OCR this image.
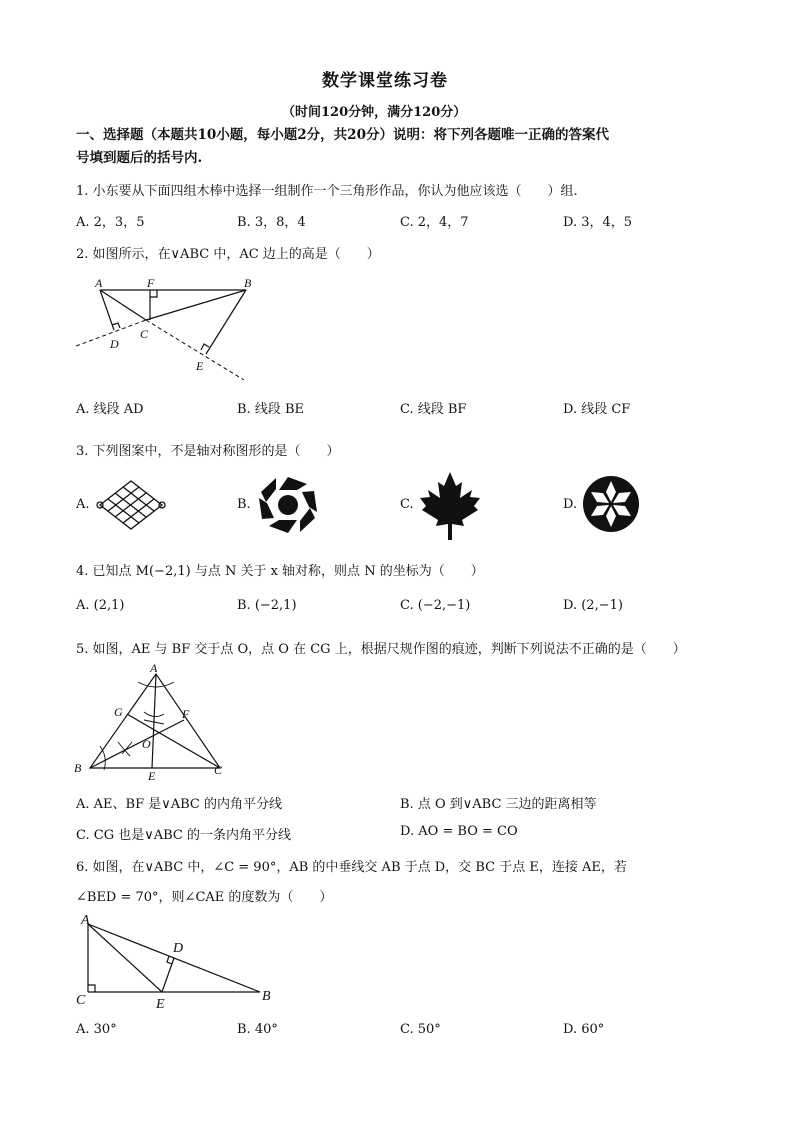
数学课堂练习卷
（时间120分钟，满分120分）
一、选择题（本题共10小题，每小题2分，共20分）说明：将下列各题唯一正确的答案代
号填到题后的括号内.
1. 小东要从下面四组木棒中选择一组制作一个三角形作品，你认为他应该选（　　）组.
A. 2，3，5	B. 3，8，4	C. 2，4，7	D. 3，4，5
2. 如图所示，在∨ABC 中，AC 边上的高是（　　）
A	B
C
D
E
F
A. 线段 AD	B. 线段 BE	C. 线段 BF	D. 线段 CF
3. 下列图案中，不是轴对称图形的是（　　）
A.	B.	C.	D.
4. 已知点 M(−2,1) 与点 N 关于 x 轴对称，则点 N 的坐标为（　　）
A. (2,1)	B. (−2,1)	C. (−2,−1)	D. (2,−1)
5. 如图，AE 与 BF 交于点 O，点 O 在 CG 上，根据尺规作图的痕迹，判断下列说法不正确的是（　　）
A
B	C
E
F
G
O
A. AE、BF 是∨ABC 的内角平分线	B. 点 O 到∨ABC 三边的距离相等
C. CG 也是∨ABC 的一条内角平分线	D. AO = BO = CO
6. 如图，在∨ABC 中，∠C = 90°，AB 的中垂线交 AB 于点 D，交 BC 于点 E，连接 AE，若
∠BED = 70°，则∠CAE 的度数为（　　）
A
C	B
D
E
A. 30°	B. 40°	C. 50°	D. 60°
